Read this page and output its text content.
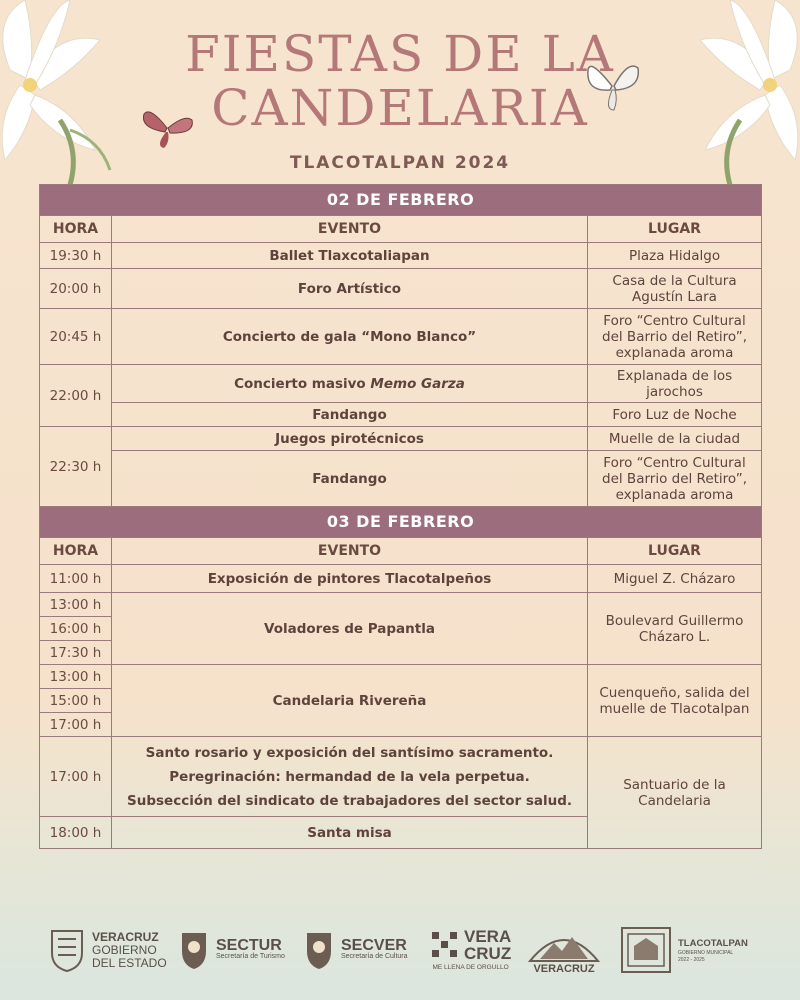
FIESTAS DE LA
CANDELARIA
TLACOTALPAN 2024
02 DE FEBRERO		
HORA	EVENTO	LUGAR
19:30 h	Ballet Tlaxcotaliapan	Plaza Hidalgo
20:00 h	Foro Artístico	Casa de la Cultura Agustín Lara
20:45 h	Concierto de gala “Mono Blanco”	Foro “Centro Cultural del Barrio del Retiro”, explanada aroma
22:00 h	Concierto masivo Memo Garza	Explanada de los jarochos
	Fandango	Foro Luz de Noche
22:30 h	Juegos pirotécnicos	Muelle de la ciudad
	Fandango	Foro “Centro Cultural del Barrio del Retiro”, explanada aroma
03 DE FEBRERO		
HORA	EVENTO	LUGAR
11:00 h	Exposición de pintores Tlacotalpeños	Miguel Z. Cházaro
13:00 h	Voladores de Papantla	Boulevard Guillermo Cházaro L.
16:00 h		
17:30 h		
13:00 h	Candelaria Rivereña	Cuenqueño, salida del muelle de Tlacotalpan
15:00 h		
17:00 h		
17:00 h	Santo rosario y exposición del santísimo sacramento.
Peregrinación: hermandad de la vela perpetua.
Subsección del sindicato de trabajadores del sector salud.	Santuario de la Candelaria
18:00 h	Santa misa	
VERACRUZ
GOBIERNO
DEL ESTADO
SECTUR
Secretaría de Turismo
SECVER
Secretaría de Cultura
VERA
CRUZ
ME LLENA DE ORGULLO VERACRUZ
TLACOTALPAN
GOBIERNO MUNICIPAL
2022 - 2025
